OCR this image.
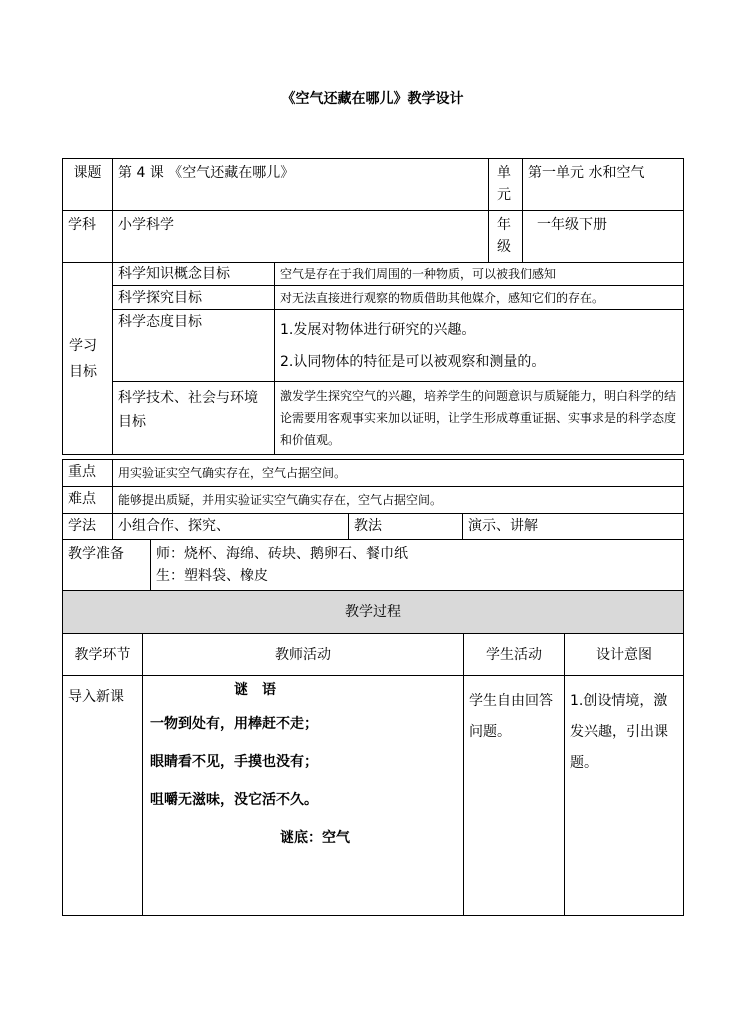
《空气还藏在哪儿》教学设计
课题	第 4 课 《空气还藏在哪儿》		单元	第一单元 水和空气

学科	小学科学		年级	一年级下册

学习目标	科学知识概念目标	空气是存在于我们周围的一种物质，可以被我们感知		

	科学探究目标	对无法直接进行观察的物质借助其他媒介，感知它们的存在。		

	科学态度目标	1.发展对物体进行研究的兴趣。
2.认同物体的特征是可以被观察和测量的。		

	科学技术、社会与环境目标	激发学生探究空气的兴趣，培养学生的问题意识与质疑能力，明白科学的结论需要用客观事实来加以证明，让学生形成尊重证据、实事求是的科学态度和价值观。		
重点	用实验证实空气确实存在，空气占据空间。		

难点	能够提出质疑，并用实验证实空气确实存在，空气占据空间。		

学法	小组合作、探究、	教法	演示、讲解
教学准备	师：烧杯、海绵、砖块、鹅卵石、餐巾纸
生：塑料袋、橡皮
教学过程			

教学环节	教师活动	学生活动	设计意图

导入新课	谜　语
一物到处有，用棒赶不走；
眼睛看不见，手摸也没有；
咀嚼无滋味，没它活不久。
谜底：空气	学生自由回答问题。	1.创设情境，激发兴趣，引出课题。
